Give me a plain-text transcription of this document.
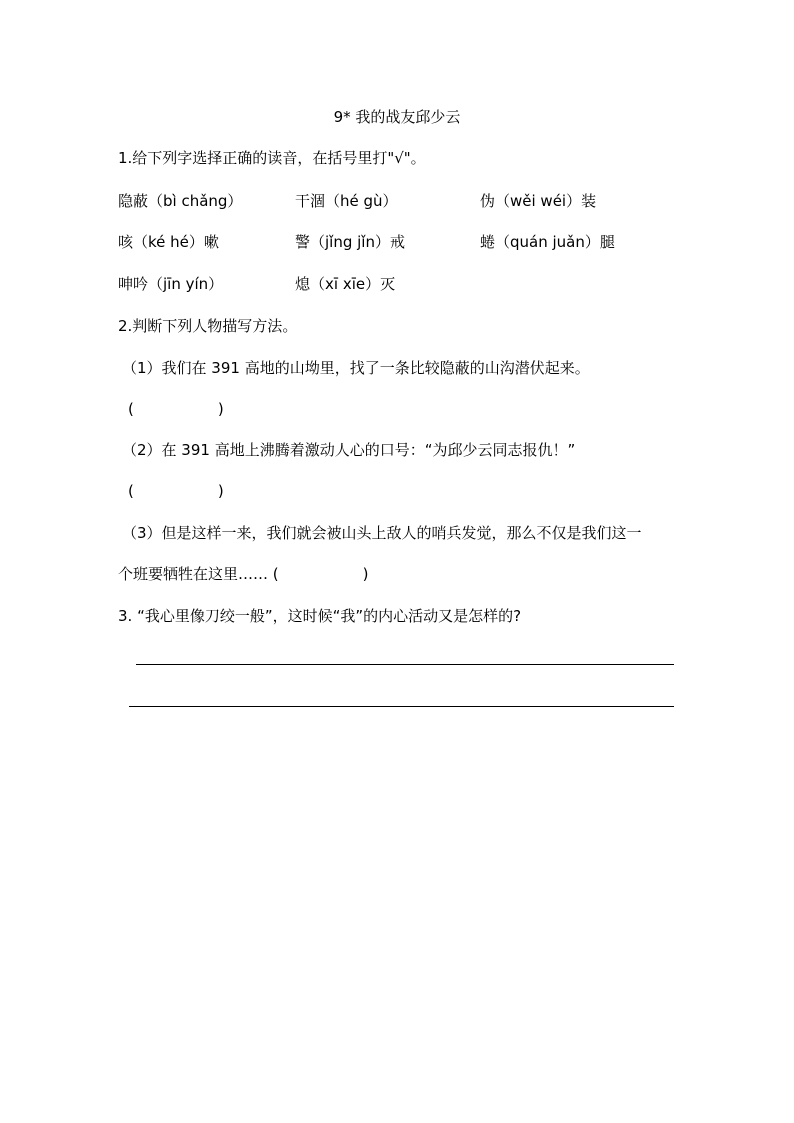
9* 我的战友邱少云
1.给下列字选择正确的读音，在括号里打"√"。
隐蔽（bì chǎng）	干涸（hé gù）	伪（wěi wéi）装
咳（ké hé）嗽	警（jǐng jǐn）戒	蜷（quán juǎn）腿
呻吟（jīn yín）	熄（xī xīe）灭
2.判断下列人物描写方法。
（1）我们在 391 高地的山坳里，找了一条比较隐蔽的山沟潜伏起来。
(	)
（2）在 391 高地上沸腾着激动人心的口号：“为邱少云同志报仇！”
(	)
（3）但是这样一来，我们就会被山头上敌人的哨兵发觉，那么不仅是我们这一
个班要牺牲在这里…… (	)
3. “我心里像刀绞一般”，这时候“我”的内心活动又是怎样的?
